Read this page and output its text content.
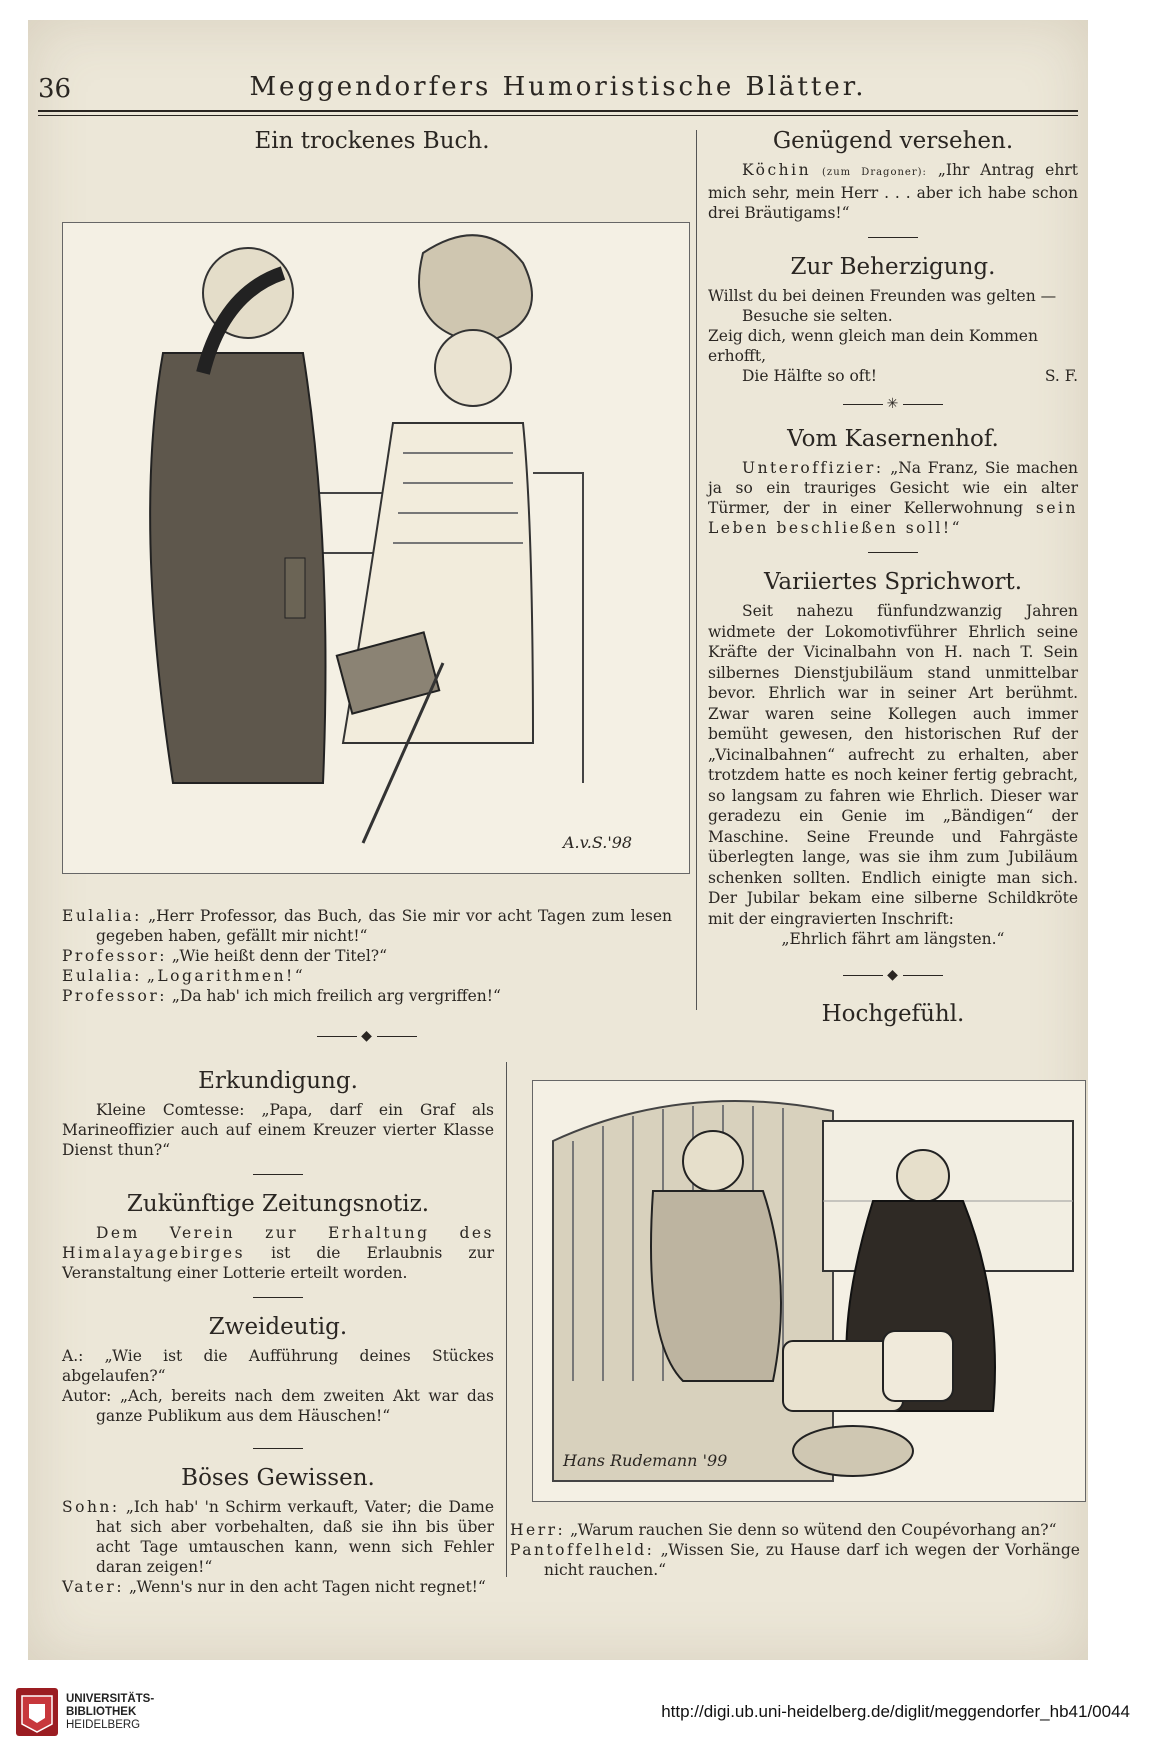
36	Meggendorfers Humoristische Blätter.
Ein trockenes Buch.
A.v.S.'98

Eulalia: „Herr Professor, das Buch, das Sie mir vor acht Tagen zum lesen gegeben haben, gefällt mir nicht!“

Professor: „Wie heißt denn der Titel?“

Eulalia: „Logarithmen!“

Professor: „Da hab' ich mich freilich arg vergriffen!“

◆
Erkundigung.

Kleine Comtesse: „Papa, darf ein Graf als Marineoffizier auch auf einem Kreuzer vierter Klasse Dienst thun?“

Zukünftige Zeitungsnotiz.

Dem Verein zur Erhaltung des Himalayagebirges ist die Erlaubnis zur Veranstaltung einer Lotterie erteilt worden.

Zweideutig.

A.: „Wie ist die Aufführung deines Stückes abgelaufen?“

Autor: „Ach, bereits nach dem zweiten Akt war das ganze Publikum aus dem Häuschen!“

Böses Gewissen.

Sohn: „Ich hab' 'n Schirm verkauft, Vater; die Dame hat sich aber vorbehalten, daß sie ihn bis über acht Tage umtauschen kann, wenn sich Fehler daran zeigen!“

Vater: „Wenn's nur in den acht Tagen nicht regnet!“

Genügend versehen.

Köchin (zum Dragoner): „Ihr Antrag ehrt mich sehr, mein Herr . . . aber ich habe schon drei Bräutigams!“

Zur Beherzigung.

Willst du bei deinen Freunden was gelten —

Besuche sie selten.

Zeig dich, wenn gleich man dein Kommen erhofft,

Die Hälfte so oft!	S. F.

✳
Vom Kasernenhof.

Unteroffizier: „Na Franz, Sie machen ja so ein trauriges Gesicht wie ein alter Türmer, der in einer Kellerwohnung sein Leben beschließen soll!“

Variiertes Sprichwort.

Seit nahezu fünfundzwanzig Jahren widmete der Lokomotivführer Ehrlich seine Kräfte der Vicinalbahn von H. nach T. Sein silbernes Dienstjubiläum stand unmittelbar bevor. Ehrlich war in seiner Art berühmt. Zwar waren seine Kollegen auch immer bemüht gewesen, den historischen Ruf der „Vicinalbahnen“ aufrecht zu erhalten, aber trotzdem hatte es noch keiner fertig gebracht, so langsam zu fahren wie Ehrlich. Dieser war geradezu ein Genie im „Bändigen“ der Maschine. Seine Freunde und Fahrgäste überlegten lange, was sie ihm zum Jubiläum schenken sollten. Endlich einigte man sich. Der Jubilar bekam eine silberne Schildkröte mit der eingravierten Inschrift:

„Ehrlich fährt am längsten.“

◆
Hochgefühl.
Hans Rudemann '99

Herr: „Warum rauchen Sie denn so wütend den Coupévorhang an?“

Pantoffelheld: „Wissen Sie, zu Hause darf ich wegen der Vorhänge nicht rauchen.“

UNIVERSITÄTS-
BIBLIOTHEK
HEIDELBERG
http://digi.ub.uni-heidelberg.de/diglit/meggendorfer_hb41/0044
